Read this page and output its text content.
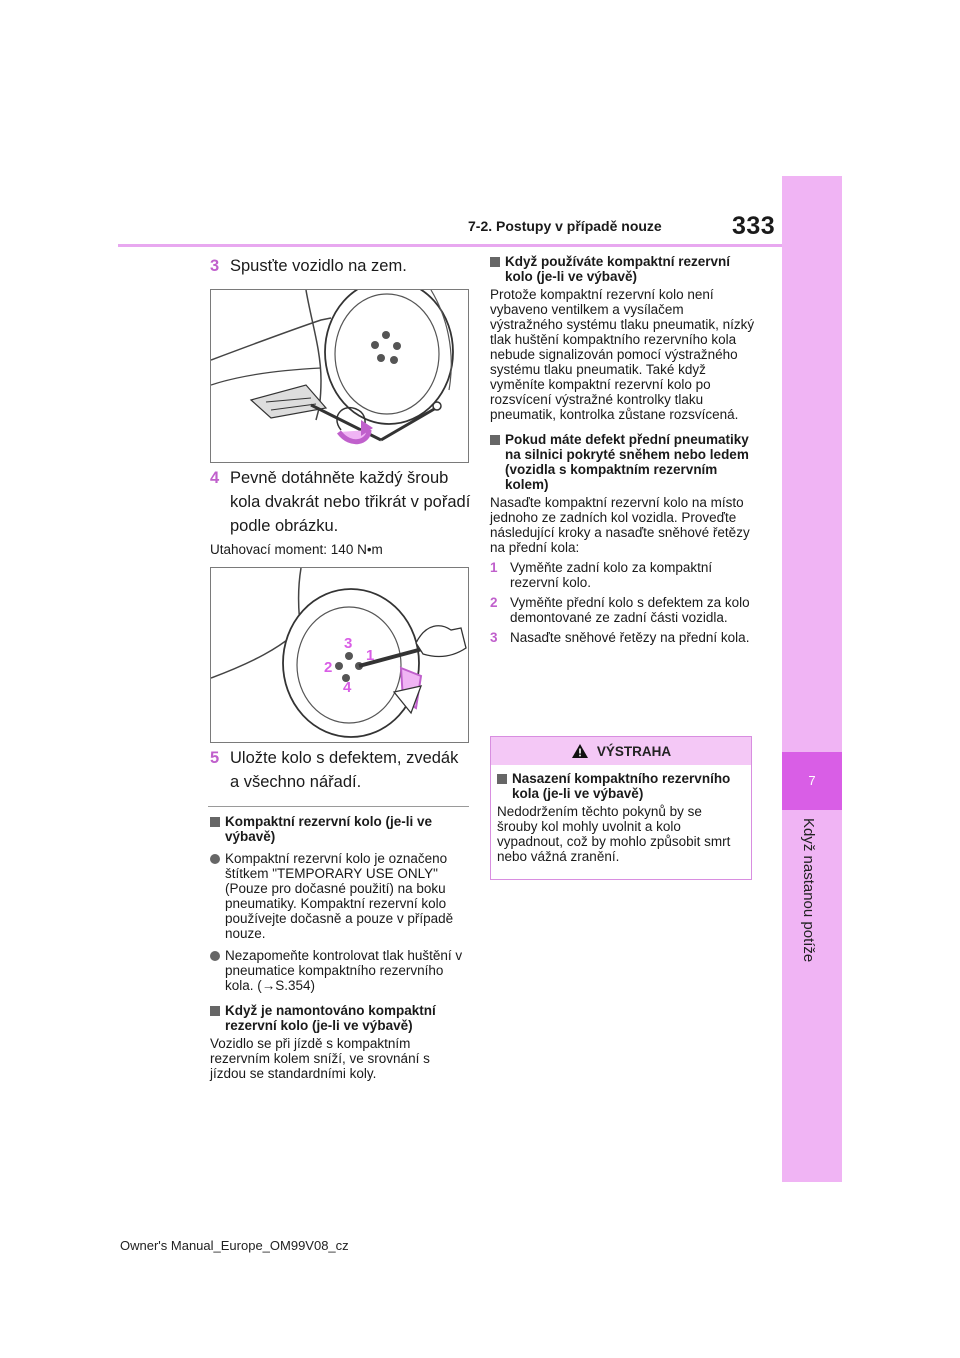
7-2. Postupy v případě nouze	333
7
Když nastanou potíže
3 Spusťte vozidlo na zem.
4 Pevně dotáhněte každý šroub kola dvakrát nebo třikrát v pořadí podle obrázku.
Utahovací moment: 140 N•m
3
1
2
4
5 Uložte kolo s defektem, zvedák a všechno nářadí.
Kompaktní rezervní kolo (je-li ve výbavě)
Kompaktní rezervní kolo je označeno štítkem "TEMPORARY USE ONLY" (Pouze pro dočasné použití) na boku pneumatiky. Kompaktní rezervní kolo používejte dočasně a pouze v případě nouze.
Nezapomeňte kontrolovat tlak huštění v pneumatice kompaktního rezervního kola. (→S.354)
Když je namontováno kompaktní rezervní kolo (je-li ve výbavě)
Vozidlo se při jízdě s kompaktním rezervním kolem sníží, ve srovnání s jízdou se standardními koly.
Když používáte kompaktní rezervní kolo (je-li ve výbavě)
Protože kompaktní rezervní kolo není vybaveno ventilkem a vysílačem výstražného systému tlaku pneumatik, nízký tlak huštění kompaktního rezervního kola nebude signalizován pomocí výstražného systému tlaku pneumatik. Také když vyměníte kompaktní rezervní kolo po rozsvícení výstražné kontrolky tlaku pneumatik, kontrolka zůstane rozsvícená.
Pokud máte defekt přední pneumatiky na silnici pokryté sněhem nebo ledem (vozidla s kompaktním rezervním kolem)
Nasaďte kompaktní rezervní kolo na místo jednoho ze zadních kol vozidla. Proveďte následující kroky a nasaďte sněhové řetězy na přední kola:
1 Vyměňte zadní kolo za kompaktní rezervní kolo.
2 Vyměňte přední kolo s defektem za kolo demontované ze zadní části vozidla.
3 Nasaďte sněhové řetězy na přední kola.
VÝSTRAHA
Nasazení kompaktního rezervního kola (je-li ve výbavě)
Nedodržením těchto pokynů by se šrouby kol mohly uvolnit a kolo vypadnout, což by mohlo způsobit smrt nebo vážná zranění.
Owner's Manual_Europe_OM99V08_cz
